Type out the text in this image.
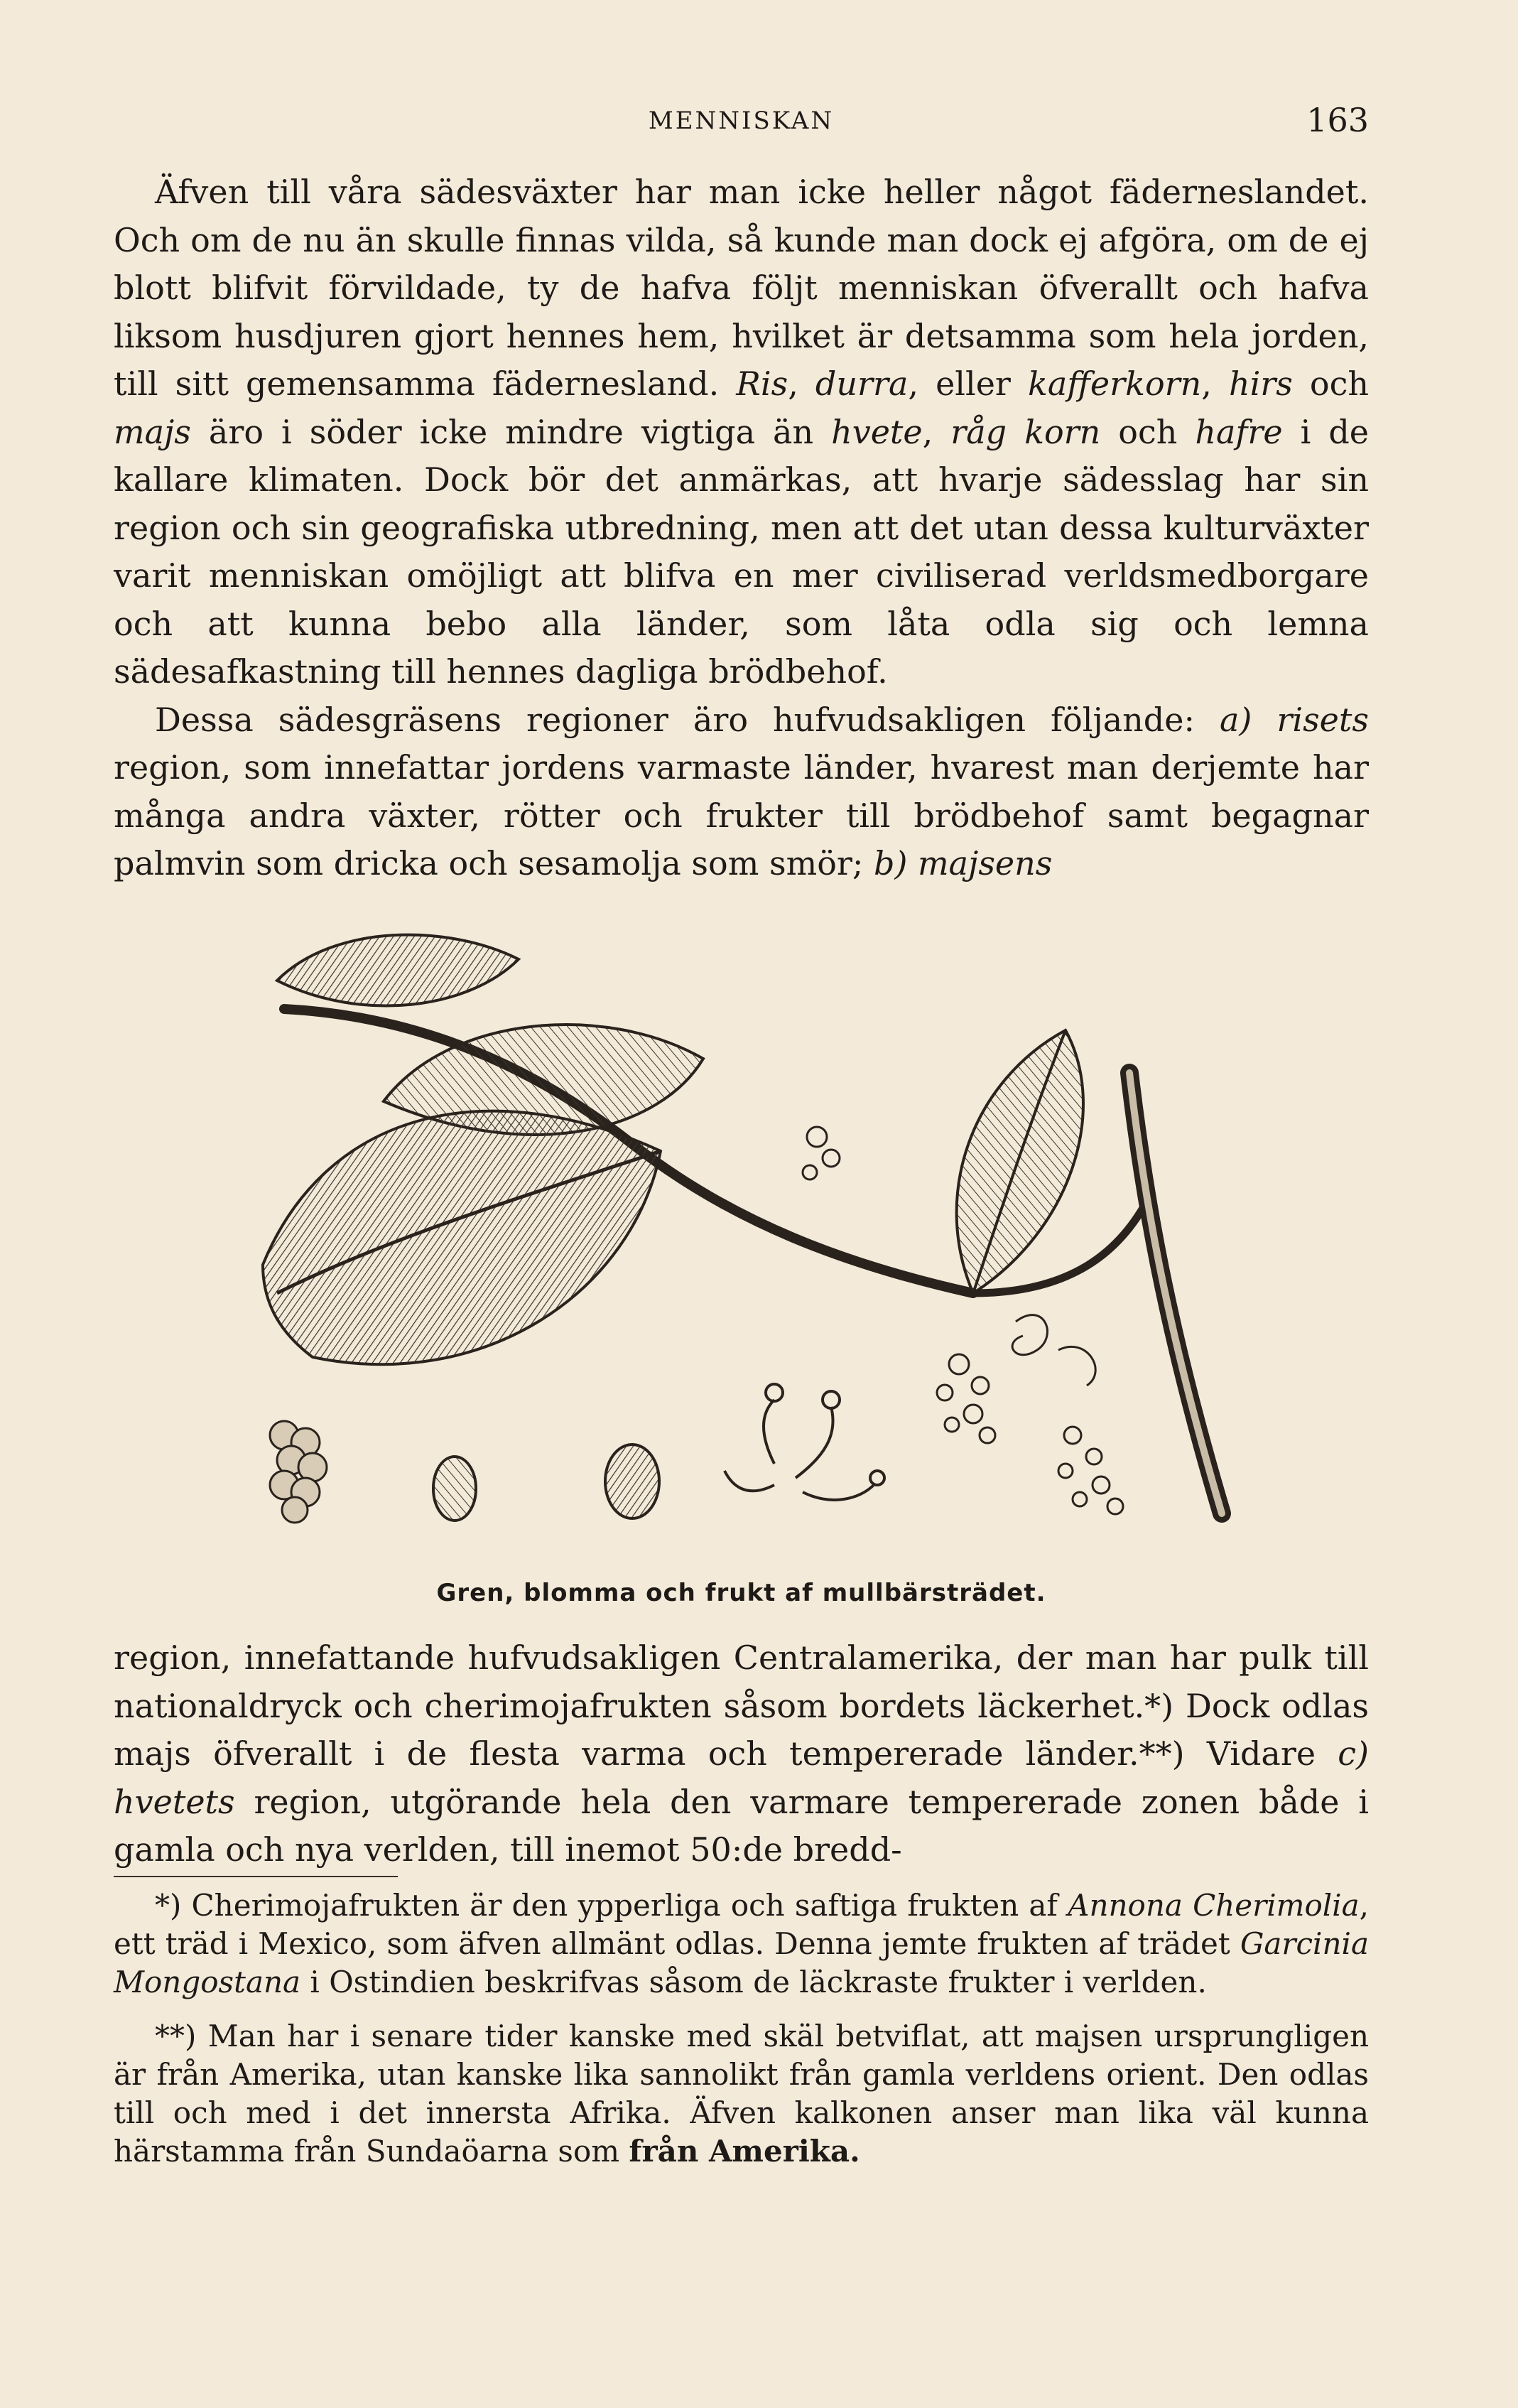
MENNISKAN	163

Äfven till våra sädesväxter har man icke heller något fäderneslandet. Och om de nu än skulle finnas vilda, så kunde man dock ej afgöra, om de ej blott blifvit förvildade, ty de hafva följt menniskan öfverallt och hafva liksom husdjuren gjort hennes hem, hvilket är detsamma som hela jorden, till sitt gemensamma fädernesland. Ris, durra, eller kafferkorn, hirs och majs äro i söder icke mindre vigtiga än hvete, råg korn och hafre i de kallare klimaten. Dock bör det anmärkas, att hvarje sädesslag har sin region och sin geografiska utbredning, men att det utan dessa kulturväxter varit menniskan omöjligt att blifva en mer civiliserad verldsmedborgare och att kunna bebo alla länder, som låta odla sig och lemna sädesafkastning till hennes dagliga brödbehof.

Dessa sädesgräsens regioner äro hufvudsakligen följande: a) risets region, som innefattar jordens varmaste länder, hvarest man derjemte har många andra växter, rötter och frukter till brödbehof samt begagnar palmvin som dricka och sesamolja som smör; b) majsens

Gren, blomma och frukt af mullbärsträdet.

region, innefattande hufvudsakligen Centralamerika, der man har pulk till nationaldryck och cherimojafrukten såsom bordets läckerhet.*) Dock odlas majs öfverallt i de flesta varma och tempererade länder.**) Vidare c) hvetets region, utgörande hela den varmare tempererade zonen både i gamla och nya verlden, till inemot 50:de bredd-

*) Cherimojafrukten är den ypperliga och saftiga frukten af Annona Cherimolia, ett träd i Mexico, som äfven allmänt odlas. Denna jemte frukten af trädet Garcinia Mongostana i Ostindien beskrifvas såsom de läckraste frukter i verlden.

**) Man har i senare tider kanske med skäl betviflat, att majsen ursprungligen är från Amerika, utan kanske lika sannolikt från gamla verldens orient. Den odlas till och med i det innersta Afrika. Äfven kalkonen anser man lika väl kunna härstamma från Sundaöarna som från Amerika.
